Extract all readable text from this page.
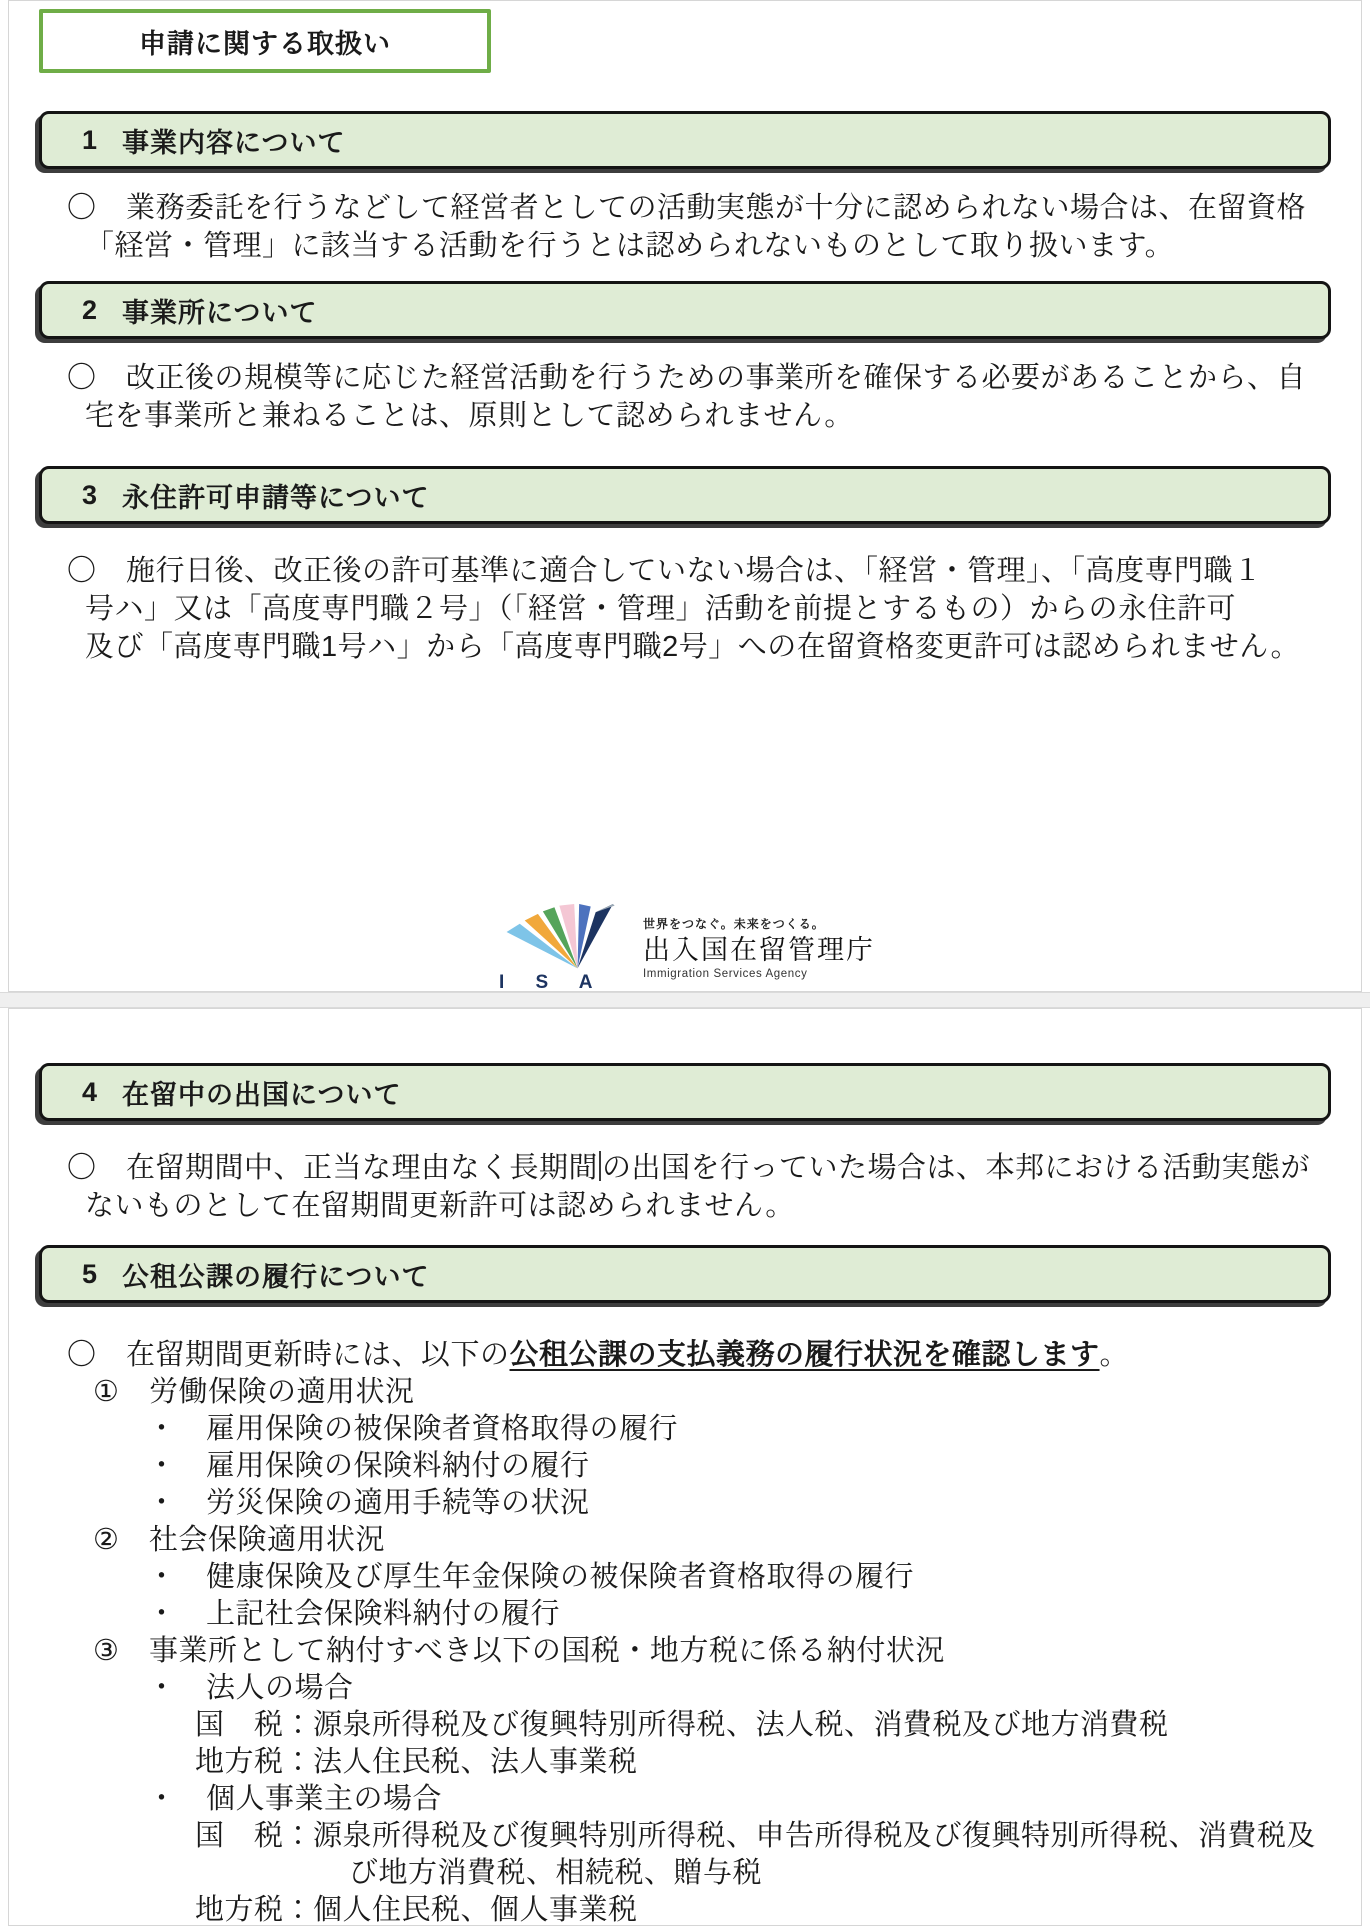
申請に関する取扱い
1 事業内容について
〇　業務委託を行うなどして経営者としての活動実態が十分に認められない場合は、在留資格
「経営・管理」に該当する活動を行うとは認められないものとして取り扱います。
2 事業所について
〇　改正後の規模等に応じた経営活動を行うための事業所を確保する必要があることから、自
宅を事業所と兼ねることは、原則として認められません。
3 永住許可申請等について
〇　施行日後、改正後の許可基準に適合していない場合は、「経営・管理」、「高度専門職１
号ハ」又は「高度専門職２号」（「経営・管理」活動を前提とするもの）からの永住許可
及び「高度専門職1号ハ」から「高度専門職2号」への在留資格変更許可は認められません。
I S A
世界をつなぐ。未来をつくる。
出入国在留管理庁
Immigration Services Agency
4 在留中の出国について
〇　在留期間中、正当な理由なく長期間 の出国を行っていた場合は、本邦における活動実態が
ないものとして在留期間更新許可は認められません。
5 公租公課の履行について
〇　在留期間更新時には、以下の公租公課の支払義務の履行状況を確認します。
①　労働保険の適用状況
・　雇用保険の被保険者資格取得の履行
・　雇用保険の保険料納付の履行
・　労災保険の適用手続等の状況
②　社会保険適用状況
・　健康保険及び厚生年金保険の被保険者資格取得の履行
・　上記社会保険料納付の履行
③　事業所として納付すべき以下の国税・地方税に係る納付状況
・　法人の場合
国　税：源泉所得税及び復興特別所得税、法人税、消費税及び地方消費税
地方税：法人住民税、法人事業税
・　個人事業主の場合
国　税：源泉所得税及び復興特別所得税、申告所得税及び復興特別所得税、消費税及
び地方消費税、相続税、贈与税
地方税：個人住民税、個人事業税
